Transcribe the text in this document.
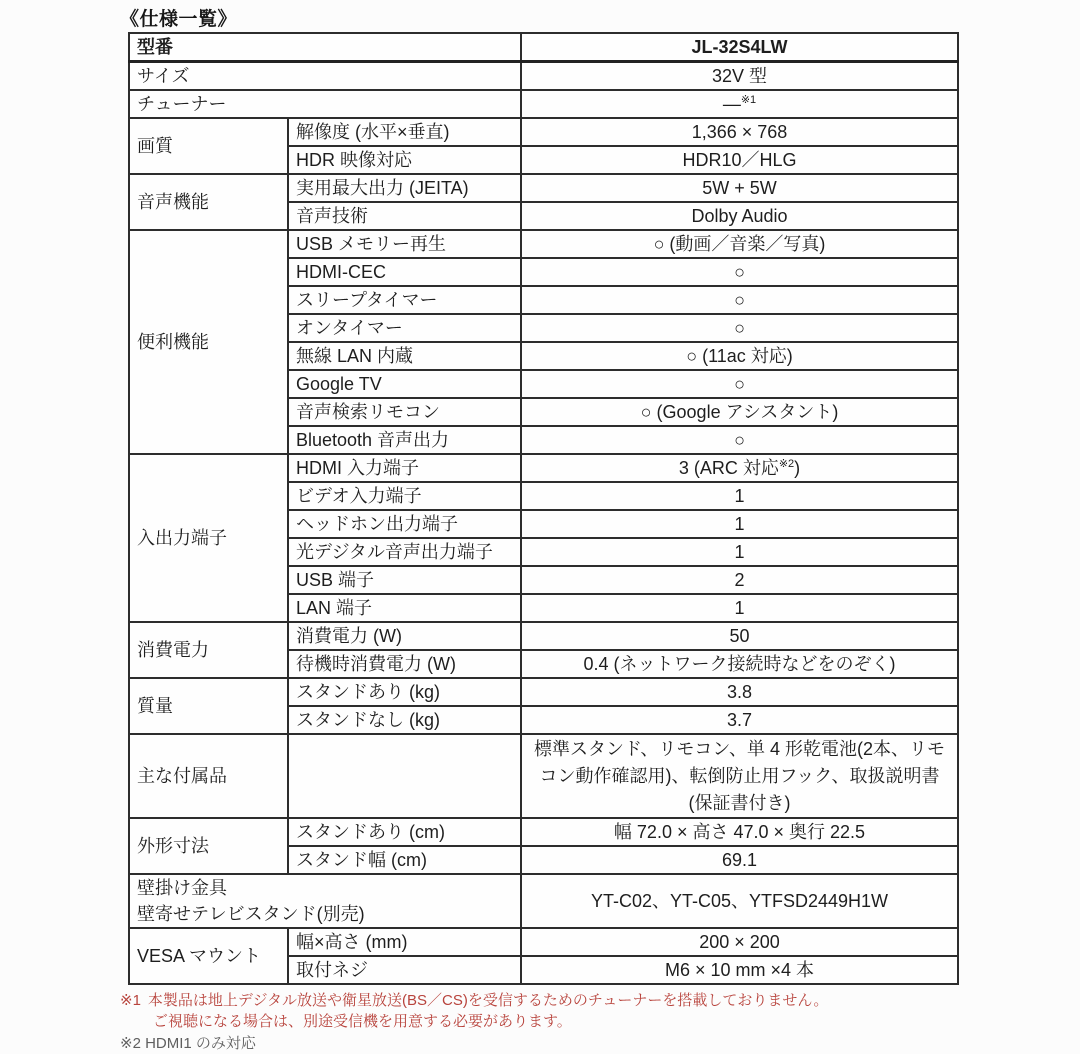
《仕様一覧》
型番		JL-32S4LW
サイズ		32V 型
チューナー		—$^{※1}$
画質	解像度 (水平×垂直)	1,366 × 768
	HDR 映像対応	HDR10／HLG
音声機能	実用最大出力 (JEITA)	5W + 5W
	音声技術	Dolby Audio
便利機能	USB メモリー再生	○ (動画／音楽／写真)
	HDMI-CEC	○
	スリープタイマー	○
	オンタイマー	○
	無線 LAN 内蔵	○ (11ac 対応)
	Google TV	○
	音声検索リモコン	○ (Google アシスタント)
	Bluetooth 音声出力	○
入出力端子	HDMI 入力端子	3 (ARC 対応$^{※2}$)
	ビデオ入力端子	1
	ヘッドホン出力端子	1
	光デジタル音声出力端子	1
	USB 端子	2
	LAN 端子	1
消費電力	消費電力 (W)	50
	待機時消費電力 (W)	0.4 (ネットワーク接続時などをのぞく)
質量	スタンドあり (kg)	3.8
	スタンドなし (kg)	3.7
主な付属品		標準スタンド、リモコン、単 4 形乾電池(2本、リモコン動作確認用)、転倒防止用フック、取扱説明書(保証書付き)
外形寸法	スタンドあり (cm)	幅 72.0 × 高さ 47.0 × 奥行 22.5
	スタンド幅 (cm)	69.1

壁掛け金具
壁寄せテレビスタンド(別売)		YT-C02、YT-C05、YTFSD2449H1W
VESA マウント	幅×高さ (mm)	200 × 200
	取付ネジ	M6 × 10 mm ×4 本
※1 本製品は地上デジタル放送や衛星放送(BS／CS)を受信するためのチューナーを搭載しておりません。
ご視聴になる場合は、別途受信機を用意する必要があります。
※2 HDMI1 のみ対応
